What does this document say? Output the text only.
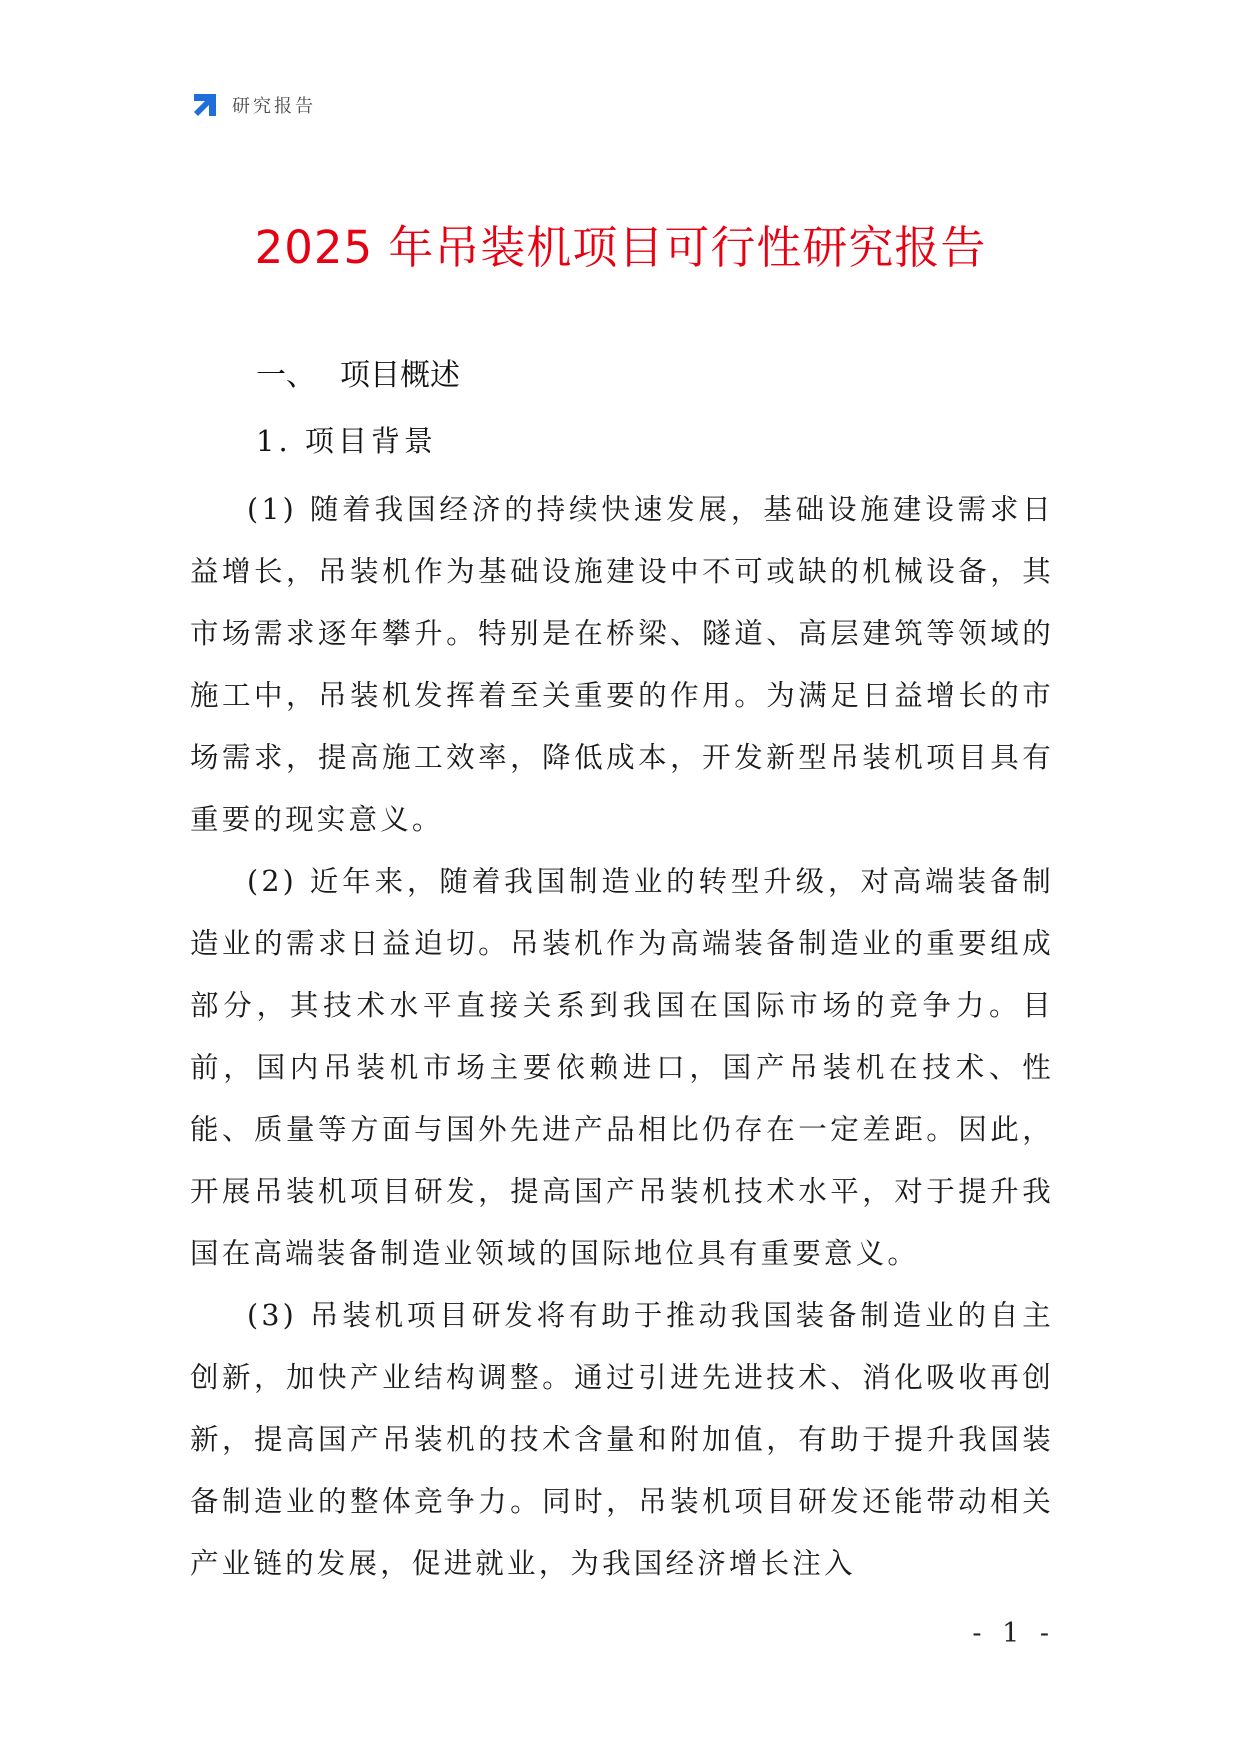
研究报告
2025 年吊装机项目可行性研究报告
一、 项目概述
1. 项目背景

(1) 随着我国经济的持续快速发展，基础设施建设需求日益增长，吊装机作为基础设施建设中不可或缺的机械设备，其市场需求逐年攀升。特别是在桥梁、隧道、高层建筑等领域的施工中，吊装机发挥着至关重要的作用。为满足日益增长的市场需求，提高施工效率，降低成本，开发新型吊装机项目具有重要的现实意义。

(2) 近年来，随着我国制造业的转型升级，对高端装备制造业的需求日益迫切。吊装机作为高端装备制造业的重要组成部分，其技术水平直接关系到我国在国际市场的竞争力。目前，国内吊装机市场主要依赖进口，国产吊装机在技术、性能、质量等方面与国外先进产品相比仍存在一定差距。因此，开展吊装机项目研发，提高国产吊装机技术水平，对于提升我国在高端装备制造业领域的国际地位具有重要意义。

(3) 吊装机项目研发将有助于推动我国装备制造业的自主创新，加快产业结构调整。通过引进先进技术、消化吸收再创新，提高国产吊装机的技术含量和附加值，有助于提升我国装备制造业的整体竞争力。同时，吊装机项目研发还能带动相关产业链的发展，促进就业，为我国经济增长注入

- 1 -
